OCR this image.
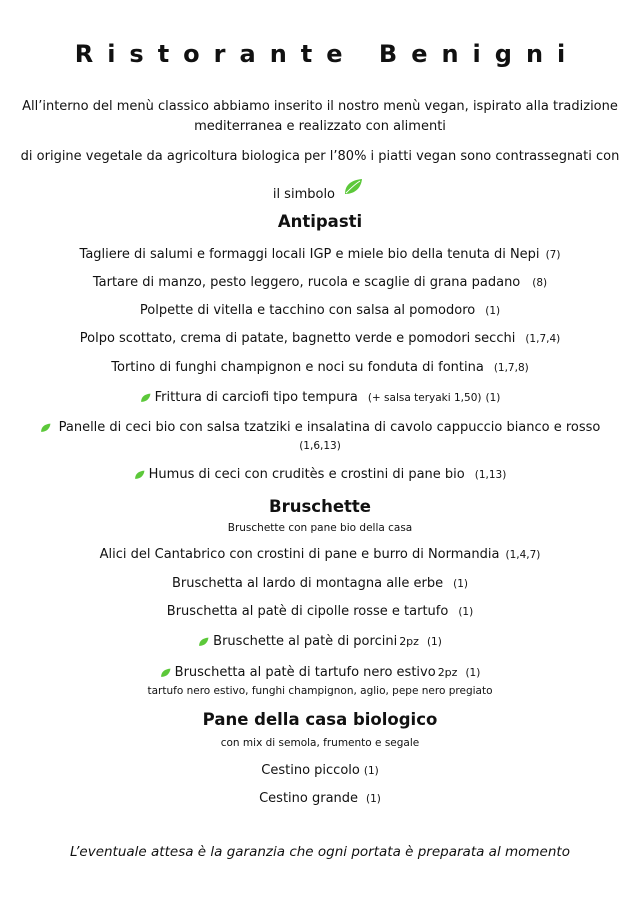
Ristorante Benigni
All’interno del menù classico abbiamo inserito il nostro menù vegan, ispirato alla tradizione mediterranea e realizzato con alimenti
di origine vegetale da agricoltura biologica per l’80% i piatti vegan sono contrassegnati con
il simbolo
Antipasti
Tagliere di salumi e formaggi locali IGP e miele bio della tenuta di Nepi (7)
Tartare di manzo, pesto leggero, rucola e scaglie di grana padano (8)
Polpette di vitella e tacchino con salsa al pomodoro (1)
Polpo scottato, crema di patate, bagnetto verde e pomodori secchi (1,7,4)
Tortino di funghi champignon e noci su fonduta di fontina (1,7,8)
Frittura di carciofi tipo tempura (+ salsa teryaki 1,50) (1)
Panelle di ceci bio con salsa tzatziki e insalatina di cavolo cappuccio bianco e rosso
(1,6,13)
Humus di ceci con cruditès e crostini di pane bio (1,13)
Bruschette
Bruschette con pane bio della casa
Alici del Cantabrico con crostini di pane e burro di Normandia (1,4,7)
Bruschetta al lardo di montagna alle erbe (1)
Bruschetta al patè di cipolle rosse e tartufo (1)
Bruschette al patè di porcini 2pz (1)
Bruschetta al patè di tartufo nero estivo 2pz (1)
tartufo nero estivo, funghi champignon, aglio, pepe nero pregiato
Pane della casa biologico
con mix di semola, frumento e segale
Cestino piccolo (1)
Cestino grande (1)
L’eventuale attesa è la garanzia che ogni portata è preparata al momento
